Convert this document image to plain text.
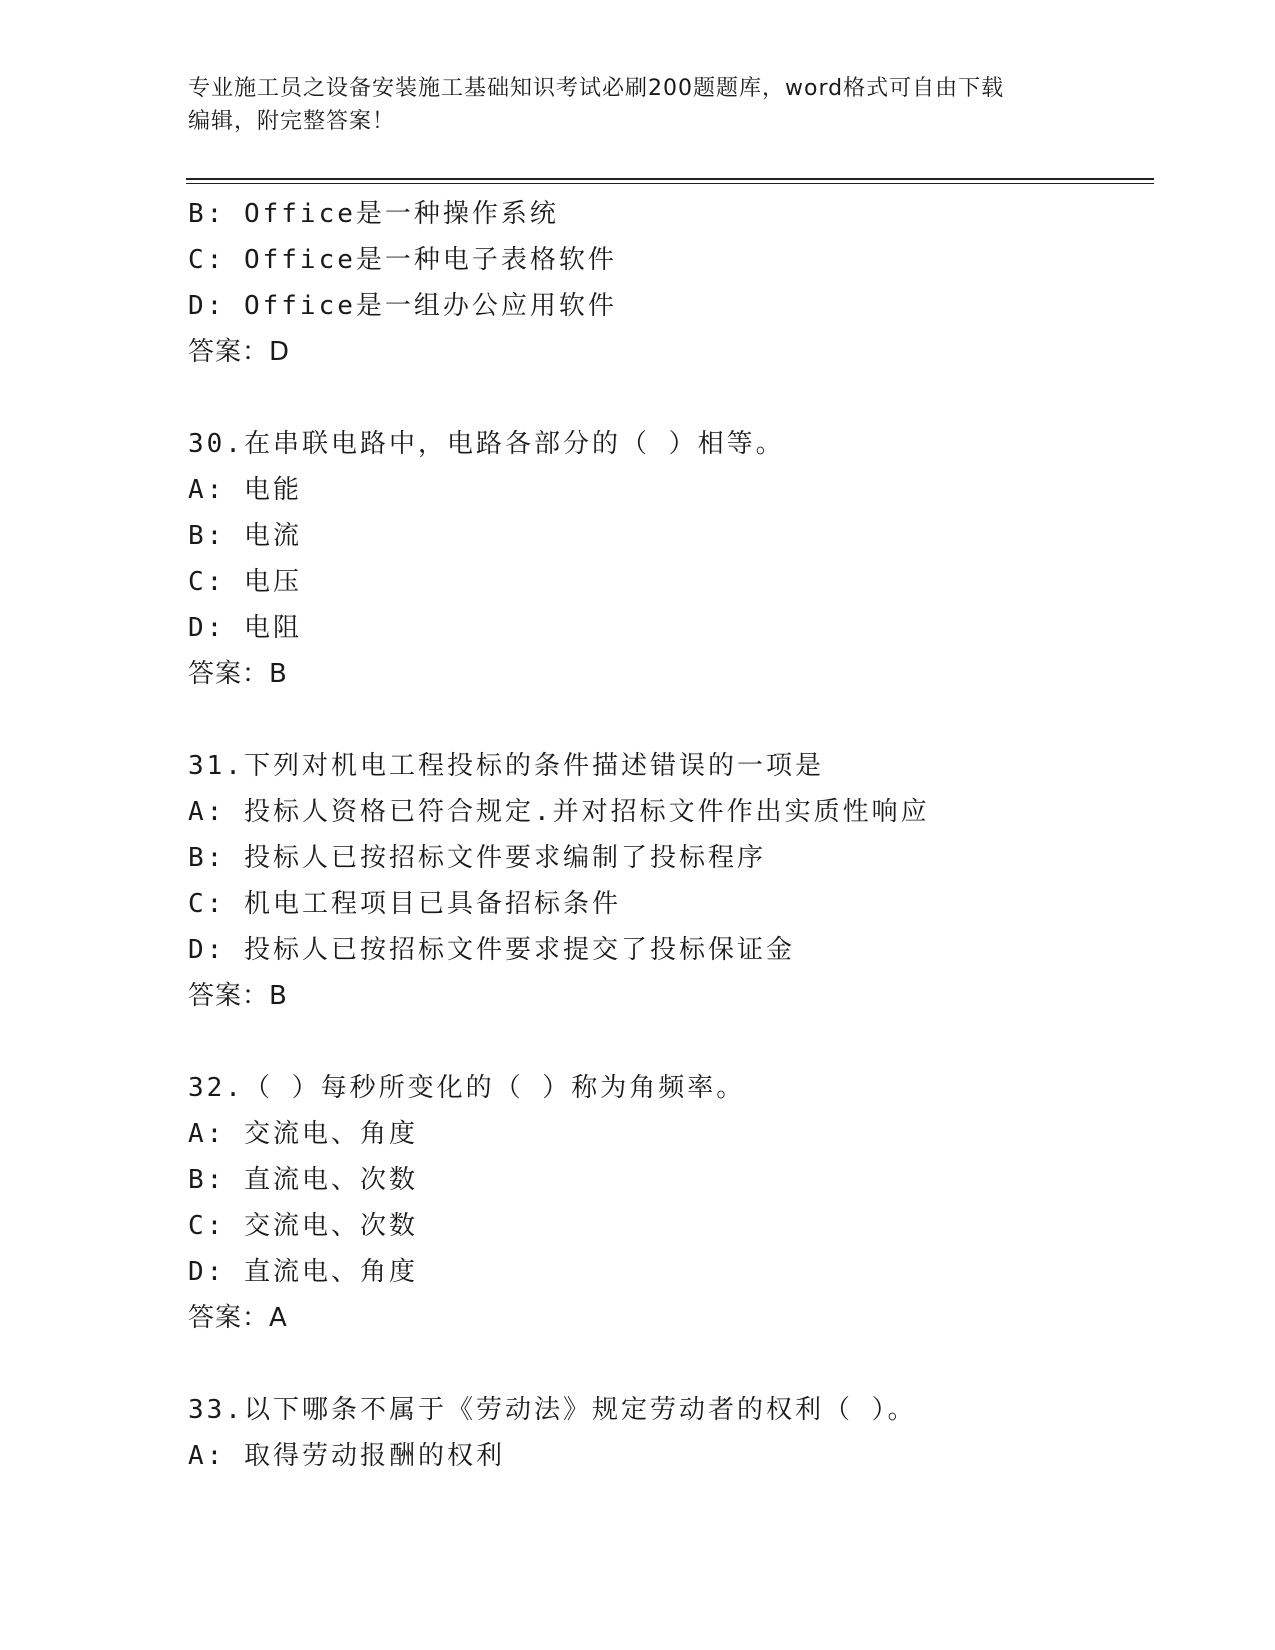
专业施工员之设备安装施工基础知识考试必刷200题题库，word格式可自由下载
编辑，附完整答案！
B: Office是一种操作系统
C: Office是一种电子表格软件
D: Office是一组办公应用软件
答案：D
30.在串联电路中，电路各部分的（ ）相等。
A: 电能
B: 电流
C: 电压
D: 电阻
答案：B
31.下列对机电工程投标的条件描述错误的一项是
A: 投标人资格已符合规定.并对招标文件作出实质性响应
B: 投标人已按招标文件要求编制了投标程序
C: 机电工程项目已具备招标条件
D: 投标人已按招标文件要求提交了投标保证金
答案：B
32.（ ）每秒所变化的（ ）称为角频率。
A: 交流电、角度
B: 直流电、次数
C: 交流电、次数
D: 直流电、角度
答案：A
33.以下哪条不属于《劳动法》规定劳动者的权利（ ）。
A: 取得劳动报酬的权利
